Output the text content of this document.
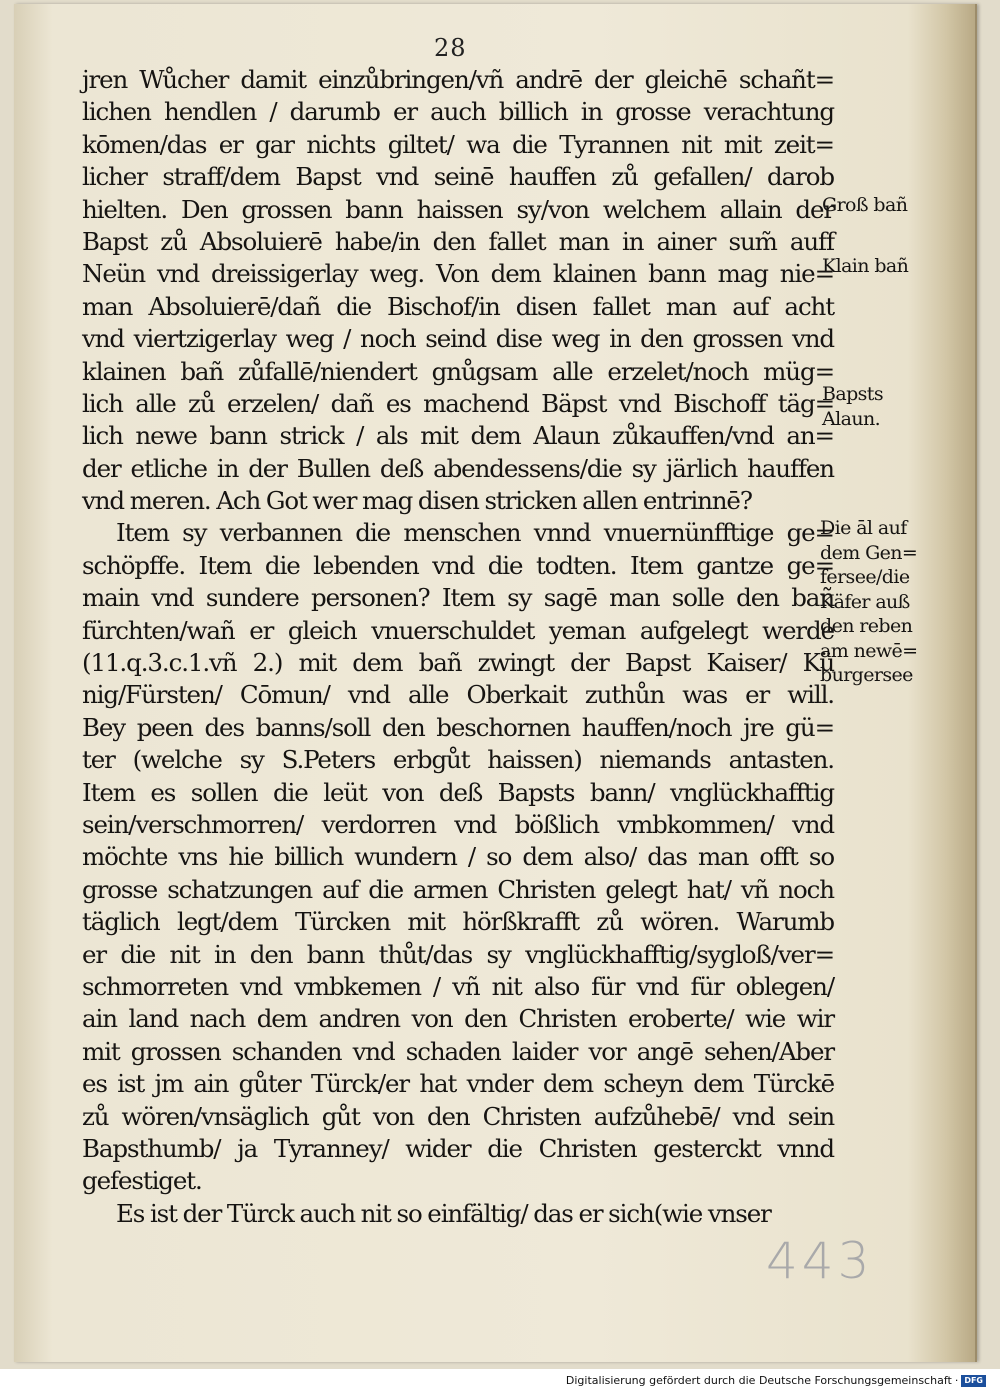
28
jren Wůcher damit einzůbringen/vñ andrē der gleichē schañt=
lichen hendlen / darumb er auch billich in grosse verachtung
kōmen/das er gar nichts giltet/ wa die Tyrannen nit mit zeit=
licher straff/dem Bapst vnd seinē hauffen zů gefallen/ darob
hielten. Den grossen bann haissen sy/von welchem allain der
Bapst zů Absoluierē habe/in den fallet man in ainer sum̃ auff
Neün vnd dreissigerlay weg. Von dem klainen bann mag nie=
man Absoluierē/dañ die Bischof/in disen fallet man auf acht
vnd viertzigerlay weg / noch seind dise weg in den grossen vnd
klainen bañ zůfallē/niendert gnůgsam alle erzelet/noch müg=
lich alle zů erzelen/ dañ es machend Bäpst vnd Bischoff täg=
lich newe bann strick / als mit dem Alaun zůkauffen/vnd an=
der etliche in der Bullen deß abendessens/die sy järlich hauffen
vnd meren. Ach Got wer mag disen stricken allen entrinnē?
Item sy verbannen die menschen vnnd vnuernünfftige ge=
schöpffe. Item die lebenden vnd die todten. Item gantze ge=
main vnd sundere personen? Item sy sagē man solle den bañ
fürchten/wañ er gleich vnuerschuldet yeman aufgelegt werde
(11.q.3.c.1.vñ 2.) mit dem bañ zwingt der Bapst Kaiser/ Kü
nig/Fürsten/ Cōmun/ vnd alle Oberkait zuthůn was er will.
Bey peen des banns/soll den beschornen hauffen/noch jre gü=
ter (welche sy S.Peters erbgůt haissen) niemands antasten.
Item es sollen die leüt von deß Bapsts bann/ vnglückhafftig
sein/verschmorren/ verdorren vnd bößlich vmbkommen/ vnd
möchte vns hie billich wundern / so dem also/ das man offt so
grosse schatzungen auf die armen Christen gelegt hat/ vñ noch
täglich legt/dem Türcken mit hörßkrafft zů wören. Warumb
er die nit in den bann thůt/das sy vnglückhafftig/sygloß/ver=
schmorreten vnd vmbkemen / vñ nit also für vnd für oblegen/
ain land nach dem andren von den Christen eroberte/ wie wir
mit grossen schanden vnd schaden laider vor angē sehen/Aber
es ist jm ain gůter Türck/er hat vnder dem scheyn dem Türckē
zů wören/vnsäglich gůt von den Christen aufzůhebē/ vnd sein
Bapsthumb/ ja Tyranney/ wider die Christen gesterckt vnnd
gefestiget.
Es ist der Türck auch nit so einfältig/ das er sich(wie vnser
Groß bañ
Klain bañ
Bapsts
Alaun.
Die āl auf
dem Gen=
fersee/die
Käfer auß
den reben
am newē=
burgersee
443
Digitalisierung gefördert durch die Deutsche Forschungsgemeinschaft · DFG
